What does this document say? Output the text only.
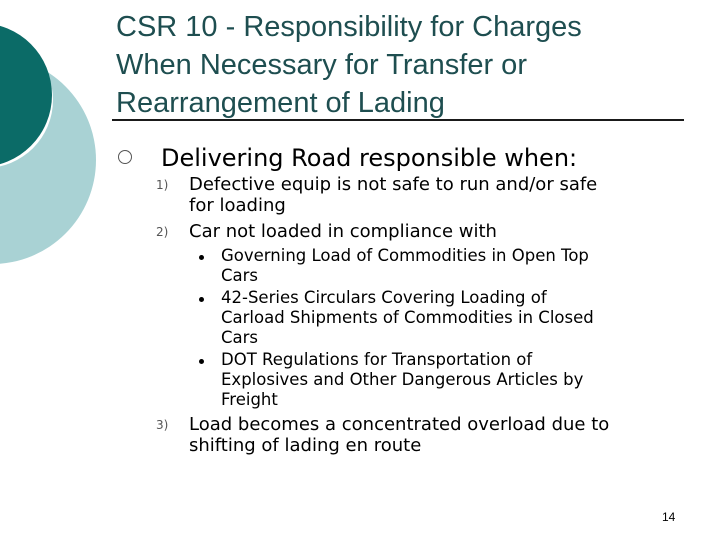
CSR 10 - Responsibility for Charges
When Necessary for Transfer or
Rearrangement of Lading
Delivering Road responsible when:
1) Defective equip is not safe to run and/or safe
for loading
2) Car not loaded in compliance with
Governing Load of Commodities in Open Top
Cars
42-Series Circulars Covering Loading of
Carload Shipments of Commodities in Closed
Cars
DOT Regulations for Transportation of
Explosives and Other Dangerous Articles by
Freight
3) Load becomes a concentrated overload due to
shifting of lading en route
14
